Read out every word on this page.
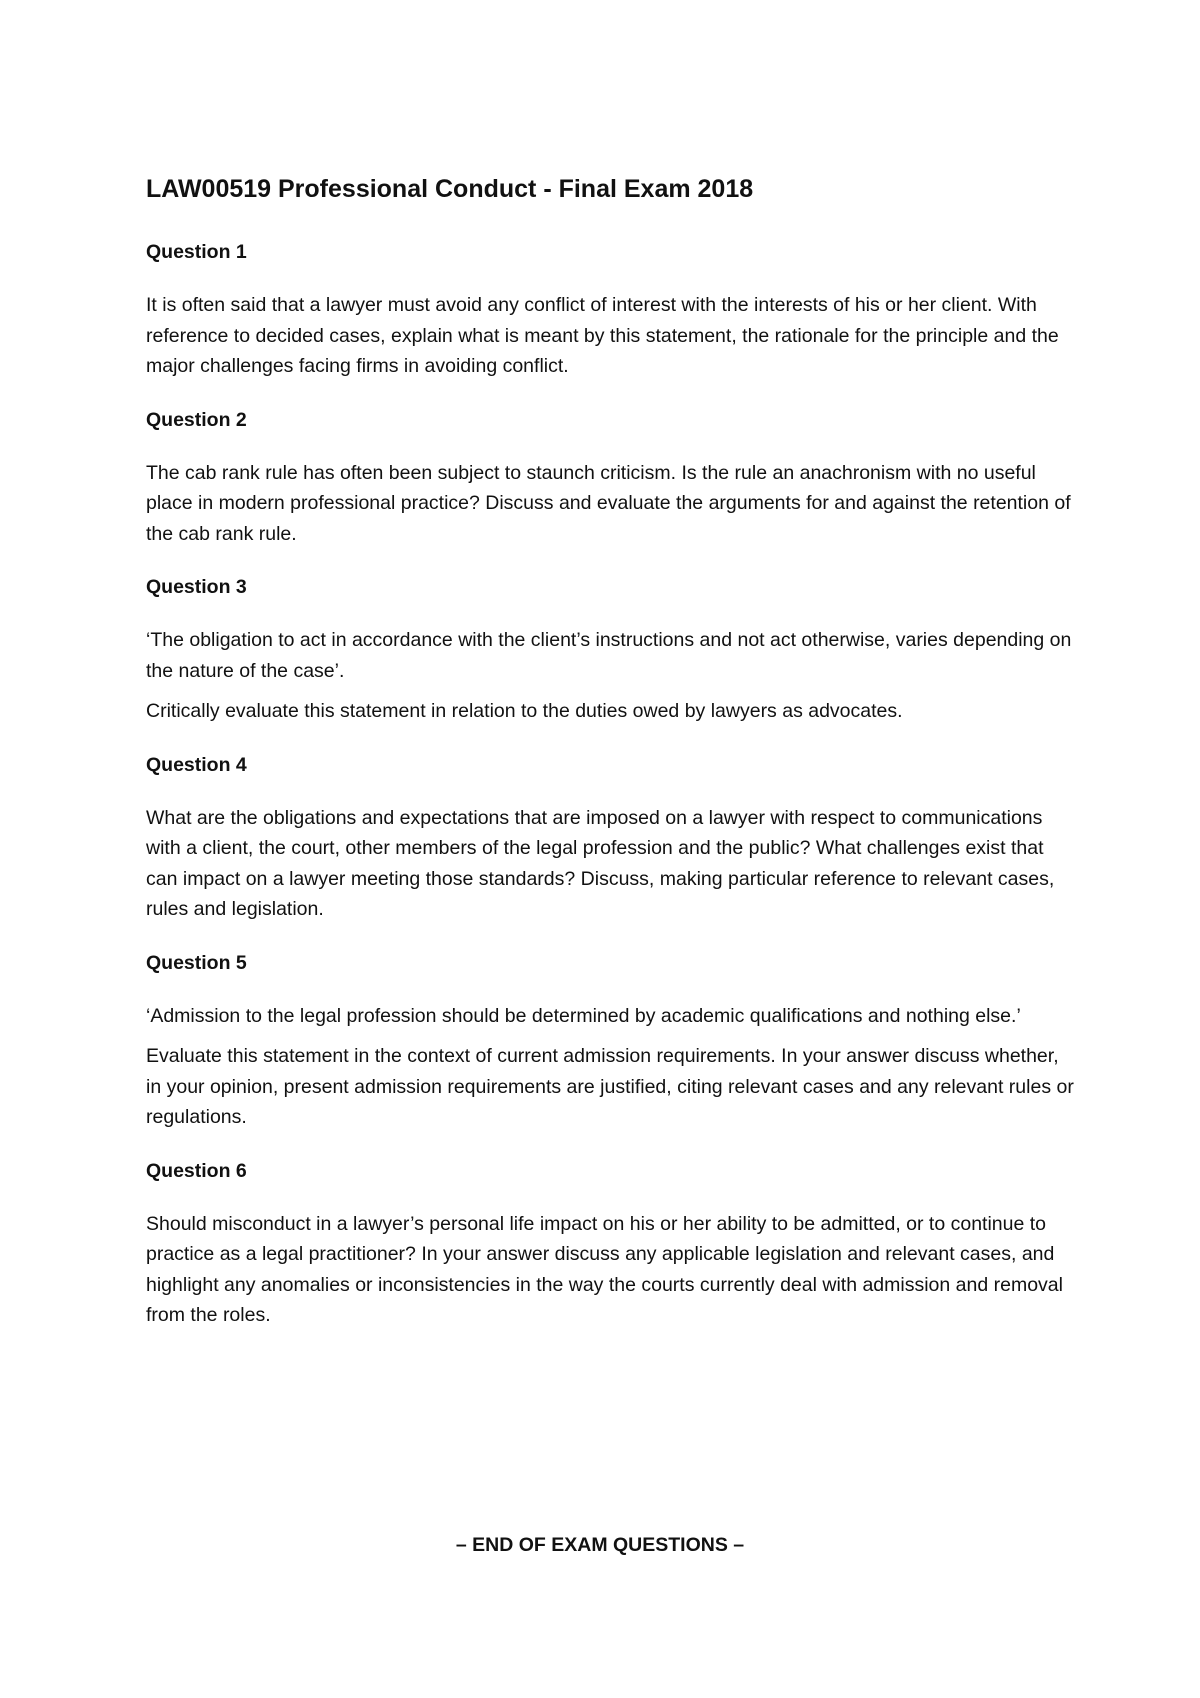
LAW00519 Professional Conduct - Final Exam 2018
Question 1
It is often said that a lawyer must avoid any conflict of interest with the interests of his or her client. With reference to decided cases, explain what is meant by this statement, the rationale for the principle and the major challenges facing firms in avoiding conflict.
Question 2
The cab rank rule has often been subject to staunch criticism. Is the rule an anachronism with no useful place in modern professional practice? Discuss and evaluate the arguments for and against the retention of the cab rank rule.
Question 3
‘The obligation to act in accordance with the client’s instructions and not act otherwise, varies depending on the nature of the case’.
Critically evaluate this statement in relation to the duties owed by lawyers as advocates.
Question 4
What are the obligations and expectations that are imposed on a lawyer with respect to communications with a client, the court, other members of the legal profession and the public? What challenges exist that can impact on a lawyer meeting those standards? Discuss, making particular reference to relevant cases, rules and legislation.
Question 5
‘Admission to the legal profession should be determined by academic qualifications and nothing else.’
Evaluate this statement in the context of current admission requirements. In your answer discuss whether, in your opinion, present admission requirements are justified, citing relevant cases and any relevant rules or regulations.
Question 6
Should misconduct in a lawyer’s personal life impact on his or her ability to be admitted, or to continue to practice as a legal practitioner? In your answer discuss any applicable legislation and relevant cases, and highlight any anomalies or inconsistencies in the way the courts currently deal with admission and removal from the roles.
– END OF EXAM QUESTIONS –
